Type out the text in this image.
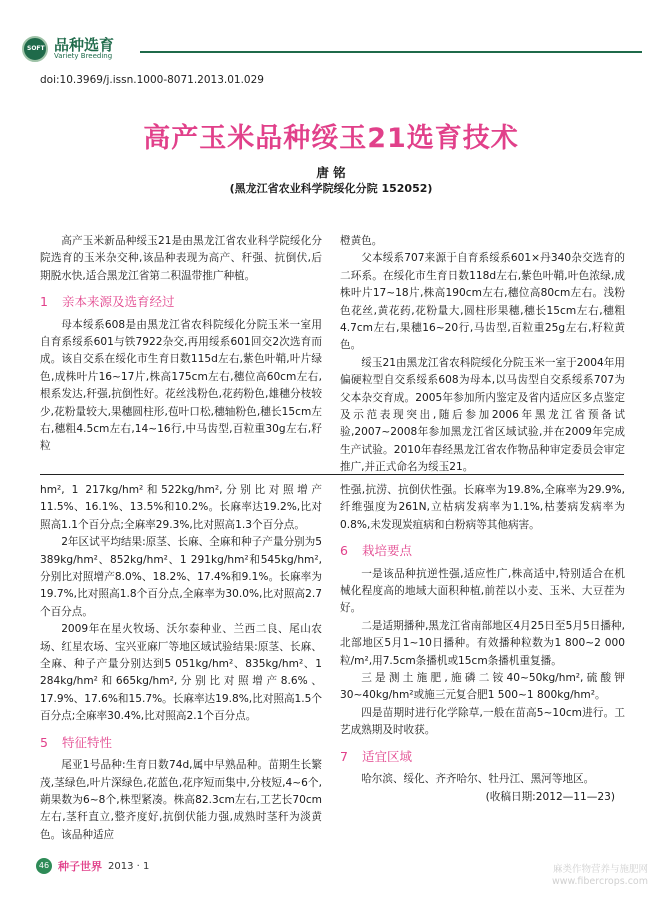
SOFT 品种选育
Variety Breeding
doi:10.3969/j.issn.1000-8071.2013.01.029
高产玉米品种绥玉21选育技术
唐 铭
(黑龙江省农业科学院绥化分院 152052)

高产玉米新品种绥玉21是由黑龙江省农业科学院绥化分院选育的玉米杂交种,该品种表现为高产、秆强、抗倒伏,后期脱水快,适合黑龙江省第二积温带推广种植。

1 亲本来源及选育经过

母本绥系608是由黑龙江省农科院绥化分院玉米一室用自育系绥系601与铁7922杂交,再用绥系601回交2次选育而成。该自交系在绥化市生育日数115d左右,紫色叶鞘,叶片绿色,成株叶片16~17片,株高175cm左右,穗位高60cm左右,根系发达,秆强,抗倒性好。花丝浅粉色,花药粉色,雄穗分枝较少,花粉量较大,果穗圆柱形,苞叶口松,穗轴粉色,穗长15cm左右,穗粗4.5cm左右,14~16行,中马齿型,百粒重30g左右,籽粒

橙黄色。

父本绥系707来源于自育系绥系601×丹340杂交选育的二环系。在绥化市生育日数118d左右,紫色叶鞘,叶色浓绿,成株叶片17~18片,株高190cm左右,穗位高80cm左右。浅粉色花丝,黄花药,花粉量大,圆柱形果穗,穗长15cm左右,穗粗4.7cm左右,果穗16~20行,马齿型,百粒重25g左右,籽粒黄色。

绥玉21由黑龙江省农科院绥化分院玉米一室于2004年用偏硬粒型自交系绥系608为母本,以马齿型自交系绥系707为父本杂交育成。2005年参加所内鉴定及省内适应区多点鉴定及示范表现突出,随后参加2006年黑龙江省预备试验,2007~2008年参加黑龙江省区域试验,并在2009年完成生产试验。2010年春经黑龙江省农作物品种审定委员会审定推广,并正式命名为绥玉21。

hm², 1 217kg/hm²和522kg/hm²,分别比对照增产11.5%、16.1%、13.5%和10.2%。长麻率达19.2%,比对照高1.1个百分点;全麻率29.3%,比对照高1.3个百分点。

2年区试平均结果:原茎、长麻、全麻和种子产量分别为5 389kg/hm²、852kg/hm²、1 291kg/hm²和545kg/hm²,分别比对照增产8.0%、18.2%、17.4%和9.1%。长麻率为19.7%,比对照高1.8个百分点,全麻率为30.0%,比对照高2.7个百分点。

2009年在星火牧场、沃尔泰种业、兰西二良、尾山农场、红星农场、宝兴亚麻厂等地区域试验结果:原茎、长麻、全麻、种子产量分别达到5 051kg/hm²、835kg/hm²、1 284kg/hm²和665kg/hm²,分别比对照增产8.6%、17.9%、17.6%和15.7%。长麻率达19.8%,比对照高1.5个百分点;全麻率30.4%,比对照高2.1个百分点。

5 特征特性

尾亚1号品种:生育日数74d,属中早熟品种。苗期生长繁茂,茎绿色,叶片深绿色,花蓝色,花序短而集中,分枝短,4~6个,蒴果数为6~8个,株型紧凑。株高82.3cm左右,工艺长70cm左右,茎秆直立,整齐度好,抗倒伏能力强,成熟时茎秆为淡黄色。该品种适应

性强,抗涝、抗倒伏性强。长麻率为19.8%,全麻率为29.9%,纤维强度为261N,立枯病发病率为1.1%,枯萎病发病率为0.8%,未发现炭疽病和白粉病等其他病害。

6 栽培要点

一是该品种抗逆性强,适应性广,株高适中,特别适合在机械化程度高的地域大面积种植,前茬以小麦、玉米、大豆茬为好。

二是适期播种,黑龙江省南部地区4月25日至5月5日播种,北部地区5月1~10日播种。有效播种粒数为1 800~2 000粒/m²,用7.5cm条播机或15cm条播机重复播。

三是测土施肥,施磷二铵40~50kg/hm²,硫酸钾30~40kg/hm²或施三元复合肥1 500~1 800kg/hm²。

四是苗期时进行化学除草,一般在苗高5~10cm进行。工艺成熟期及时收获。

7 适宜区域

哈尔滨、绥化、齐齐哈尔、牡丹江、黑河等地区。

(收稿日期:2012—11—23)

46 种子世界 2013 · 1	麻类作物营养与施肥网
www.fibercrops.com
